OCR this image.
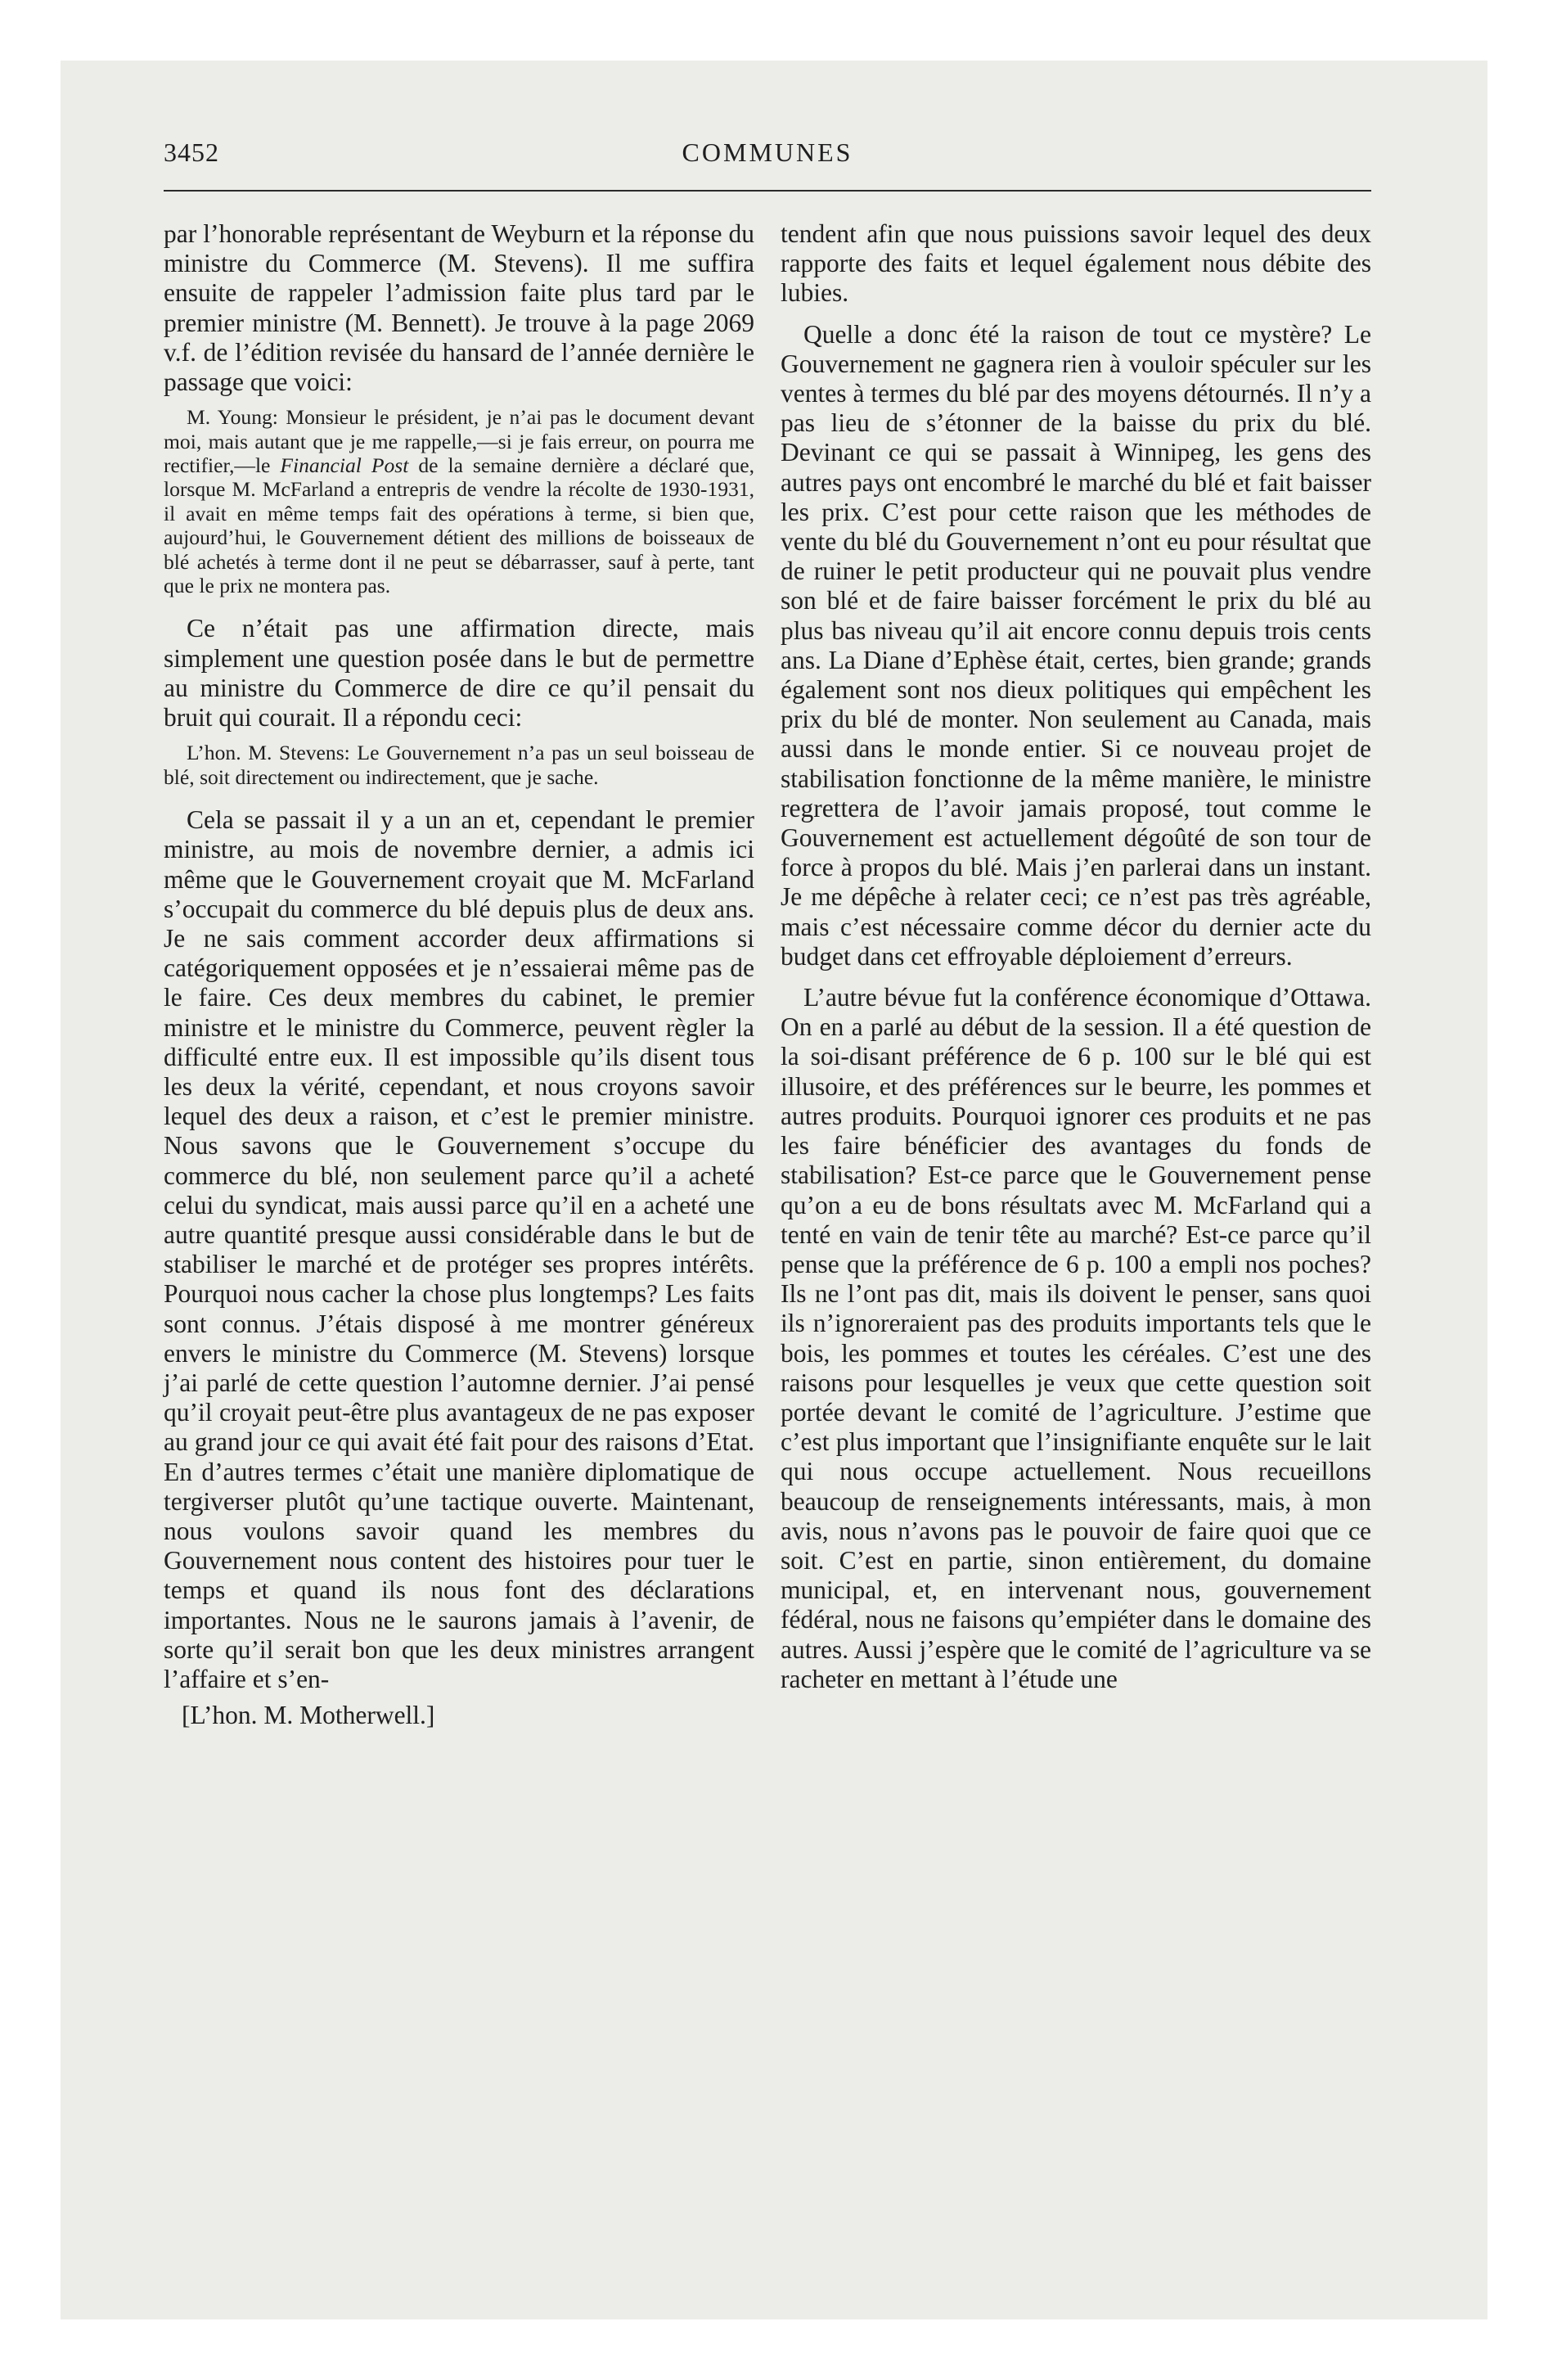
3452	COMMUNES

par l’honorable représentant de Weyburn et la réponse du ministre du Commerce (M. Stevens). Il me suffira ensuite de rappeler l’admission faite plus tard par le premier ministre (M. Bennett). Je trouve à la page 2069 v.f. de l’édition revisée du hansard de l’année dernière le passage que voici:

M. Young: Monsieur le président, je n’ai pas le document devant moi, mais autant que je me rappelle,—si je fais erreur, on pourra me rectifier,—le Financial Post de la semaine dernière a déclaré que, lorsque M. McFarland a entrepris de vendre la récolte de 1930-1931, il avait en même temps fait des opérations à terme, si bien que, aujourd’hui, le Gouvernement détient des millions de boisseaux de blé achetés à terme dont il ne peut se débarrasser, sauf à perte, tant que le prix ne montera pas.

Ce n’était pas une affirmation directe, mais simplement une question posée dans le but de permettre au ministre du Commerce de dire ce qu’il pensait du bruit qui courait. Il a répondu ceci:

L’hon. M. Stevens: Le Gouvernement n’a pas un seul boisseau de blé, soit directement ou indirectement, que je sache.

Cela se passait il y a un an et, cependant le premier ministre, au mois de novembre dernier, a admis ici même que le Gouvernement croyait que M. McFarland s’occupait du commerce du blé depuis plus de deux ans. Je ne sais comment accorder deux affirmations si catégoriquement opposées et je n’essaierai même pas de le faire. Ces deux membres du cabinet, le premier ministre et le ministre du Commerce, peuvent règler la difficulté entre eux. Il est impossible qu’ils disent tous les deux la vérité, cependant, et nous croyons savoir lequel des deux a raison, et c’est le premier ministre. Nous savons que le Gouvernement s’occupe du commerce du blé, non seulement parce qu’il a acheté celui du syndicat, mais aussi parce qu’il en a acheté une autre quantité presque aussi considérable dans le but de stabiliser le marché et de protéger ses propres intérêts. Pourquoi nous cacher la chose plus longtemps? Les faits sont connus. J’étais disposé à me montrer généreux envers le ministre du Commerce (M. Stevens) lorsque j’ai parlé de cette question l’automne dernier. J’ai pensé qu’il croyait peut-être plus avantageux de ne pas exposer au grand jour ce qui avait été fait pour des raisons d’Etat. En d’autres termes c’était une manière diplomatique de tergiverser plutôt qu’une tactique ouverte. Maintenant, nous voulons savoir quand les membres du Gouvernement nous content des histoires pour tuer le temps et quand ils nous font des déclarations importantes. Nous ne le saurons jamais à l’avenir, de sorte qu’il serait bon que les deux ministres arrangent l’affaire et s’en-

[L’hon. M. Motherwell.]

tendent afin que nous puissions savoir lequel des deux rapporte des faits et lequel également nous débite des lubies.

Quelle a donc été la raison de tout ce mystère? Le Gouvernement ne gagnera rien à vouloir spéculer sur les ventes à termes du blé par des moyens détournés. Il n’y a pas lieu de s’étonner de la baisse du prix du blé. Devinant ce qui se passait à Winnipeg, les gens des autres pays ont encombré le marché du blé et fait baisser les prix. C’est pour cette raison que les méthodes de vente du blé du Gouvernement n’ont eu pour résultat que de ruiner le petit producteur qui ne pouvait plus vendre son blé et de faire baisser forcément le prix du blé au plus bas niveau qu’il ait encore connu depuis trois cents ans. La Diane d’Ephèse était, certes, bien grande; grands également sont nos dieux politiques qui empêchent les prix du blé de monter. Non seulement au Canada, mais aussi dans le monde entier. Si ce nouveau projet de stabilisation fonctionne de la même manière, le ministre regrettera de l’avoir jamais proposé, tout comme le Gouvernement est actuellement dégoûté de son tour de force à propos du blé. Mais j’en parlerai dans un instant. Je me dépêche à relater ceci; ce n’est pas très agréable, mais c’est nécessaire comme décor du dernier acte du budget dans cet effroyable déploiement d’erreurs.

L’autre bévue fut la conférence économique d’Ottawa. On en a parlé au début de la session. Il a été question de la soi-disant préférence de 6 p. 100 sur le blé qui est illusoire, et des préférences sur le beurre, les pommes et autres produits. Pourquoi ignorer ces produits et ne pas les faire bénéficier des avantages du fonds de stabilisation? Est-ce parce que le Gouvernement pense qu’on a eu de bons résultats avec M. McFarland qui a tenté en vain de tenir tête au marché? Est-ce parce qu’il pense que la préférence de 6 p. 100 a empli nos poches? Ils ne l’ont pas dit, mais ils doivent le penser, sans quoi ils n’ignoreraient pas des produits importants tels que le bois, les pommes et toutes les céréales. C’est une des raisons pour lesquelles je veux que cette question soit portée devant le comité de l’agriculture. J’estime que c’est plus important que l’insignifiante enquête sur le lait qui nous occupe actuellement. Nous recueillons beaucoup de renseignements intéressants, mais, à mon avis, nous n’avons pas le pouvoir de faire quoi que ce soit. C’est en partie, sinon entièrement, du domaine municipal, et, en intervenant nous, gouvernement fédéral, nous ne faisons qu’empiéter dans le domaine des autres. Aussi j’espère que le comité de l’agriculture va se racheter en mettant à l’étude une
